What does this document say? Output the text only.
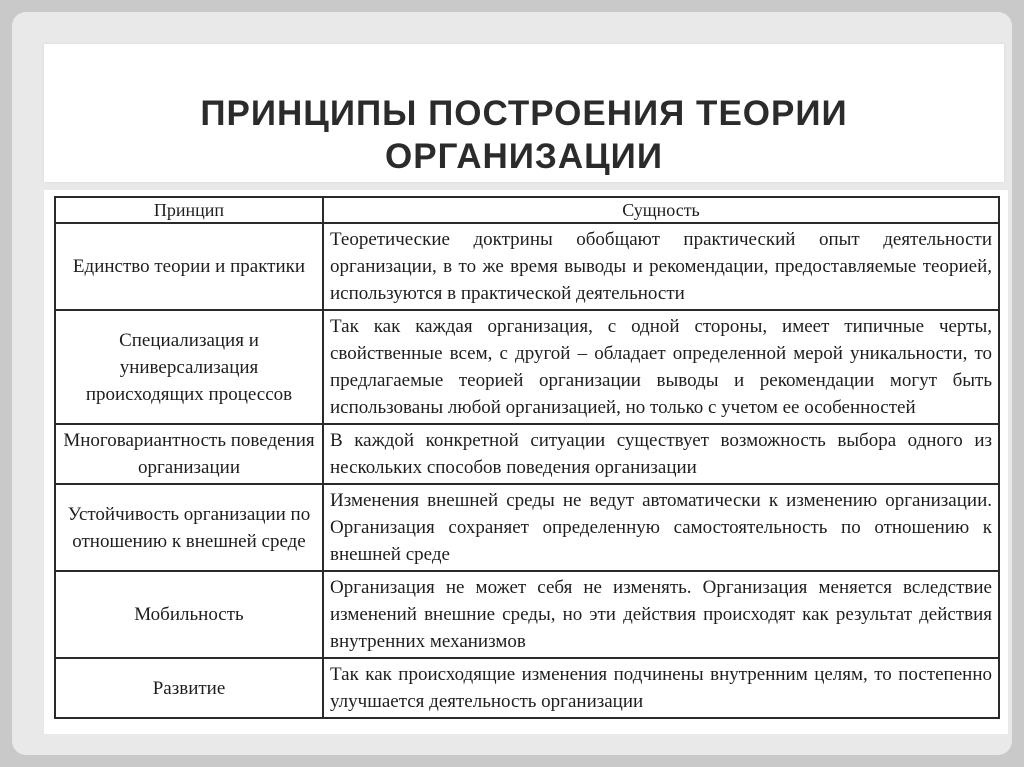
ПРИНЦИПЫ ПОСТРОЕНИЯ ТЕОРИИ
ОРГАНИЗАЦИИ
Принцип	Сущность
Единство теории и практики	Теоретические доктрины обобщают практический опыт деятельности организации, в то же время выводы и рекомендации, предоставляемые теорией, используются в практической деятельности
Специализация и универсализация происходящих процессов	Так как каждая организация, с одной стороны, имеет типичные черты, свойственные всем, с другой – обладает определенной мерой уникальности, то предлагаемые теорией организации выводы и рекомендации могут быть использованы любой организацией, но только с учетом ее особенностей
Многовариантность поведения организации	В каждой конкретной ситуации существует возможность выбора одного из нескольких способов поведения организации
Устойчивость организации по отношению к внешней среде	Изменения внешней среды не ведут автоматически к изменению организации. Организация сохраняет определенную самостоятельность по отношению к внешней среде
Мобильность	Организация не может себя не изменять. Организация меняется вследствие изменений внешние среды, но эти действия происходят как результат действия внутренних механизмов
Развитие	Так как происходящие изменения подчинены внутренним целям, то постепенно улучшается деятельность организации
